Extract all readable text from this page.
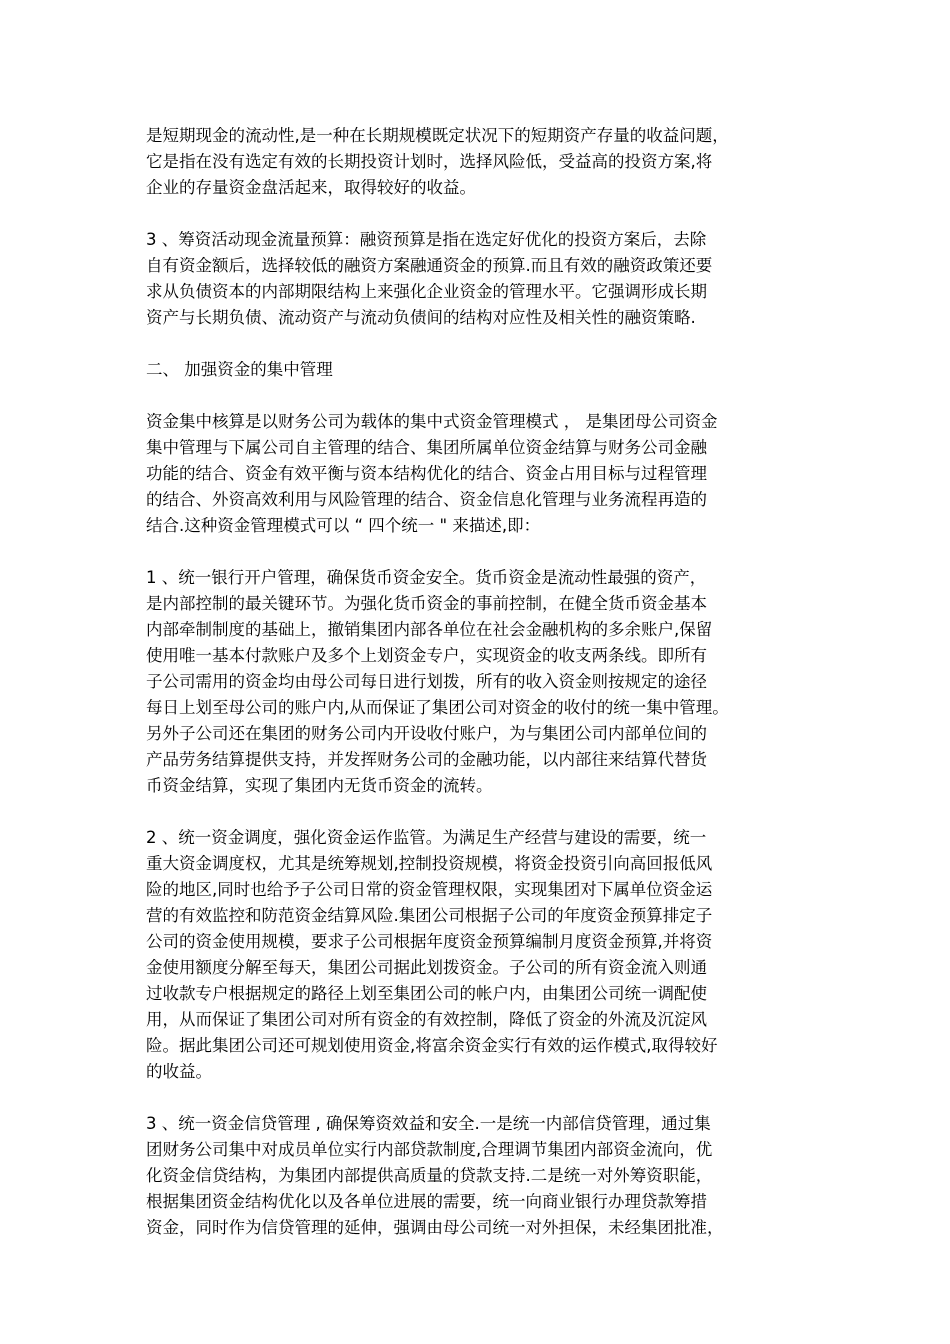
是短期现金的流动性,是一种在长期规模既定状况下的短期资产存量的收益问题，
它是指在没有选定有效的长期投资计划时，选择风险低，受益高的投资方案,将
企业的存量资金盘活起来，取得较好的收益。
3 、筹资活动现金流量预算：融资预算是指在选定好优化的投资方案后，去除
自有资金额后，选择较低的融资方案融通资金的预算.而且有效的融资政策还要
求从负债资本的内部期限结构上来强化企业资金的管理水平。它强调形成长期
资产与长期负债、流动资产与流动负债间的结构对应性及相关性的融资策略.
二、 加强资金的集中管理
资金集中核算是以财务公司为载体的集中式资金管理模式 ， 是集团母公司资金
集中管理与下属公司自主管理的结合、集团所属单位资金结算与财务公司金融
功能的结合、资金有效平衡与资本结构优化的结合、资金占用目标与过程管理
的结合、外资高效利用与风险管理的结合、资金信息化管理与业务流程再造的
结合.这种资金管理模式可以 “ 四个统一 " 来描述,即：
1 、统一银行开户管理，确保货币资金安全。货币资金是流动性最强的资产，
是内部控制的最关键环节。为强化货币资金的事前控制，在健全货币资金基本
内部牵制制度的基础上，撤销集团内部各单位在社会金融机构的多余账户,保留
使用唯一基本付款账户及多个上划资金专户，实现资金的收支两条线。即所有
子公司需用的资金均由母公司每日进行划拨，所有的收入资金则按规定的途径
每日上划至母公司的账户内,从而保证了集团公司对资金的收付的统一集中管理。
另外子公司还在集团的财务公司内开设收付账户，为与集团公司内部单位间的
产品劳务结算提供支持，并发挥财务公司的金融功能，以内部往来结算代替货
币资金结算，实现了集团内无货币资金的流转。
2 、统一资金调度，强化资金运作监管。为满足生产经营与建设的需要，统一
重大资金调度权，尤其是统筹规划,控制投资规模，将资金投资引向高回报低风
险的地区,同时也给予子公司日常的资金管理权限，实现集团对下属单位资金运
营的有效监控和防范资金结算风险.集团公司根据子公司的年度资金预算排定子
公司的资金使用规模，要求子公司根据年度资金预算编制月度资金预算,并将资
金使用额度分解至每天，集团公司据此划拨资金。子公司的所有资金流入则通
过收款专户根据规定的路径上划至集团公司的帐户内，由集团公司统一调配使
用，从而保证了集团公司对所有资金的有效控制，降低了资金的外流及沉淀风
险。据此集团公司还可规划使用资金,将富余资金实行有效的运作模式,取得较好
的收益。
3 、统一资金信贷管理 , 确保筹资效益和安全.一是统一内部信贷管理，通过集
团财务公司集中对成员单位实行内部贷款制度,合理调节集团内部资金流向，优
化资金信贷结构，为集团内部提供高质量的贷款支持.二是统一对外筹资职能，
根据集团资金结构优化以及各单位进展的需要，统一向商业银行办理贷款筹措
资金，同时作为信贷管理的延伸，强调由母公司统一对外担保，未经集团批准，
